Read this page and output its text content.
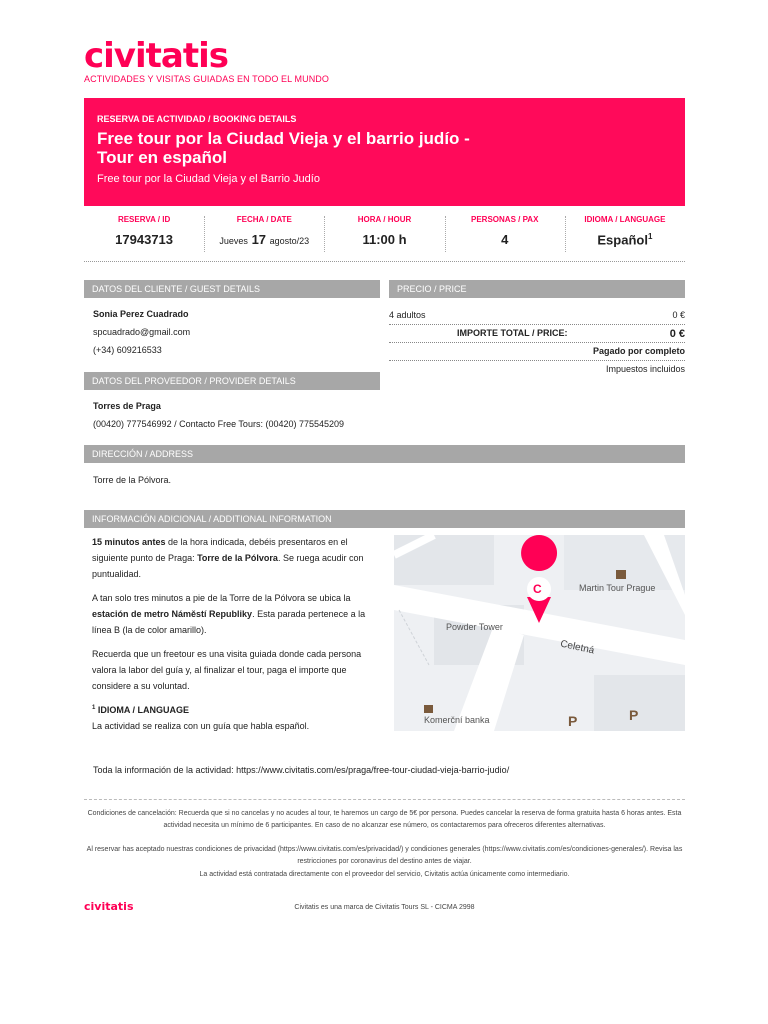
civitatis
ACTIVIDADES Y VISITAS GUIADAS EN TODO EL MUNDO
RESERVA DE ACTIVIDAD / BOOKING DETAILS
Free tour por la Ciudad Vieja y el barrio judío - Tour en español
Free tour por la Ciudad Vieja y el Barrio Judío
RESERVA / ID
17943713
FECHA / DATE
Jueves 17 agosto/23
HORA / HOUR
11:00 h
PERSONAS / PAX
4
IDIOMA / LANGUAGE
Español$^1$
DATOS DEL CLIENTE / GUEST DETAILS
Sonia Perez Cuadrado
spcuadrado@gmail.com
(+34) 609216533
PRECIO / PRICE
4 adultos	0 €
IMPORTE TOTAL / PRICE:	0 €
Pagado por completo
Impuestos incluidos
DATOS DEL PROVEEDOR / PROVIDER DETAILS
Torres de Praga
(00420) 777546992 / Contacto Free Tours: (00420) 775545209
DIRECCIÓN / ADDRESS
Torre de la Pólvora.
INFORMACIÓN ADICIONAL / ADDITIONAL INFORMATION

15 minutos antes de la hora indicada, debéis presentaros en el siguiente punto de Praga: Torre de la Pólvora. Se ruega acudir con puntualidad.

A tan solo tres minutos a pie de la Torre de la Pólvora se ubica la estación de metro Náměstí Republiky. Esta parada pertenece a la línea B (la de color amarillo).

Recuerda que un freetour es una visita guiada donde cada persona valora la labor del guía y, al finalizar el tour, paga el importe que considere a su voluntad.

$^1$ IDIOMA / LANGUAGE
La actividad se realiza con un guía que habla español.
C	Martin Tour Prague
Powder Tower
Celetná
Komerční banka	P	P
Toda la información de la actividad: https://www.civitatis.com/es/praga/free-tour-ciudad-vieja-barrio-judio/
Condiciones de cancelación: Recuerda que si no cancelas y no acudes al tour, te haremos un cargo de 5€ por persona. Puedes cancelar la reserva de forma gratuita hasta 6 horas antes. Esta actividad necesita un mínimo de 6 participantes. En caso de no alcanzar ese número, os contactaremos para ofreceros diferentes alternativas.
Al reservar has aceptado nuestras condiciones de privacidad (https://www.civitatis.com/es/privacidad/) y condiciones generales (https://www.civitatis.com/es/condiciones-generales/). Revisa las restricciones por coronavirus del destino antes de viajar.
La actividad está contratada directamente con el proveedor del servicio, Civitatis actúa únicamente como intermediario.
civitatis	Civitatis es una marca de Civitatis Tours SL - CICMA 2998
